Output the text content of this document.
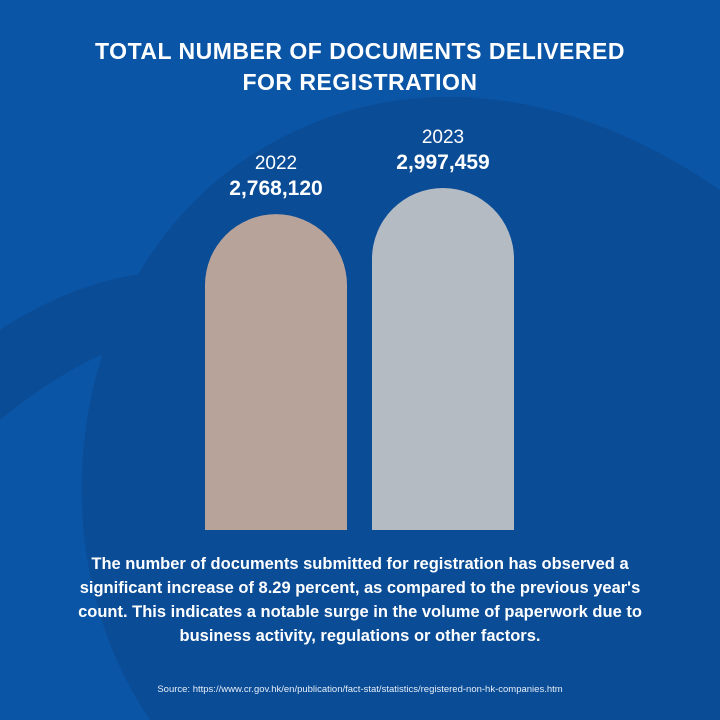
TOTAL NUMBER OF DOCUMENTS DELIVERED
FOR REGISTRATION
2022
2,768,120
2023
2,997,459

The number of documents submitted for registration has observed a significant increase of 8.29 percent, as compared to the previous year's count. This indicates a notable surge in the volume of paperwork due to business activity, regulations or other factors.

Source: https://www.cr.gov.hk/en/publication/fact-stat/statistics/registered-non-hk-companies.htm
